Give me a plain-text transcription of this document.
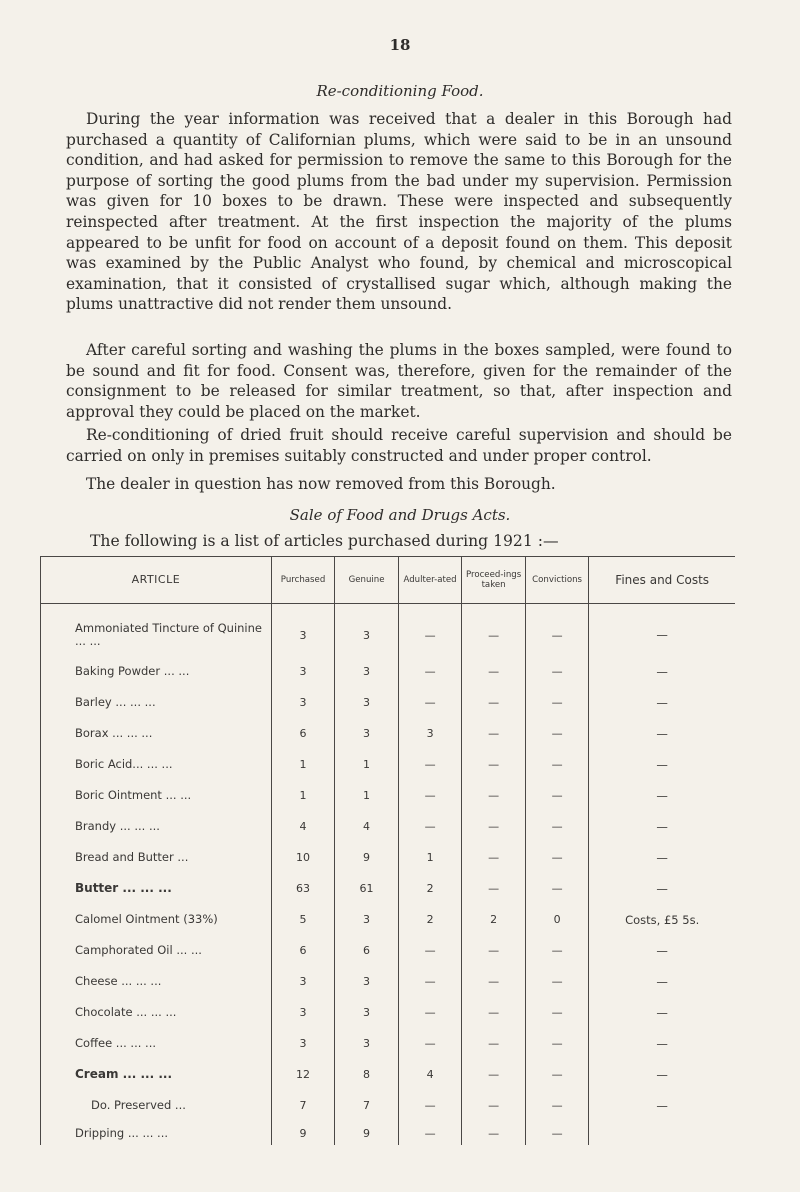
18
Re-conditioning Food.

During the year information was received that a dealer in this Borough had purchased a quantity of Californian plums, which were said to be in an unsound condition, and had asked for permission to remove the same to this Borough for the purpose of sorting the good plums from the bad under my supervision. Permission was given for 10 boxes to be drawn. These were inspected and subsequently reinspected after treatment. At the first inspection the majority of the plums appeared to be unfit for food on account of a deposit found on them. This deposit was examined by the Public Analyst who found, by chemical and microscopical examination, that it consisted of crystallised sugar which, although making the plums unattractive did not render them unsound.

After careful sorting and washing the plums in the boxes sampled, were found to be sound and fit for food. Consent was, therefore, given for the remainder of the consignment to be released for similar treatment, so that, after inspection and approval they could be placed on the market.

Re-conditioning of dried fruit should receive careful supervision and should be carried on only in premises suitably constructed and under proper control.

The dealer in question has now removed from this Borough.

Sale of Food and Drugs Acts.
The following is a list of articles purchased during 1921 :—
ARTICLE	Purchased	Genuine	Adulter-ated	Proceed-ings taken	Convictions	Fines and Costs
Ammoniated Tincture of Quinine ... ...	3	3	—	—	—	—
Baking Powder ... ...	3	3	—	—	—	—
Barley ... ... ...	3	3	—	—	—	—
Borax ... ... ...	6	3	3	—	—	—
Boric Acid... ... ...	1	1	—	—	—	—
Boric Ointment ... ...	1	1	—	—	—	—
Brandy ... ... ...	4	4	—	—	—	—
Bread and Butter ...	10	9	1	—	—	—
Butter ... ... ...	63	61	2	—	—	—
Calomel Ointment (33%)	5	3	2	2	0	Costs, £5 5s.
Camphorated Oil ... ...	6	6	—	—	—	—
Cheese ... ... ...	3	3	—	—	—	—
Chocolate ... ... ...	3	3	—	—	—	—
Coffee ... ... ...	3	3	—	—	—	—
Cream ... ... ...	12	8	4	—	—	—
Do. Preserved ...	7	7	—	—	—	—
Dripping ... ... ...	9	9	—	—	—	
